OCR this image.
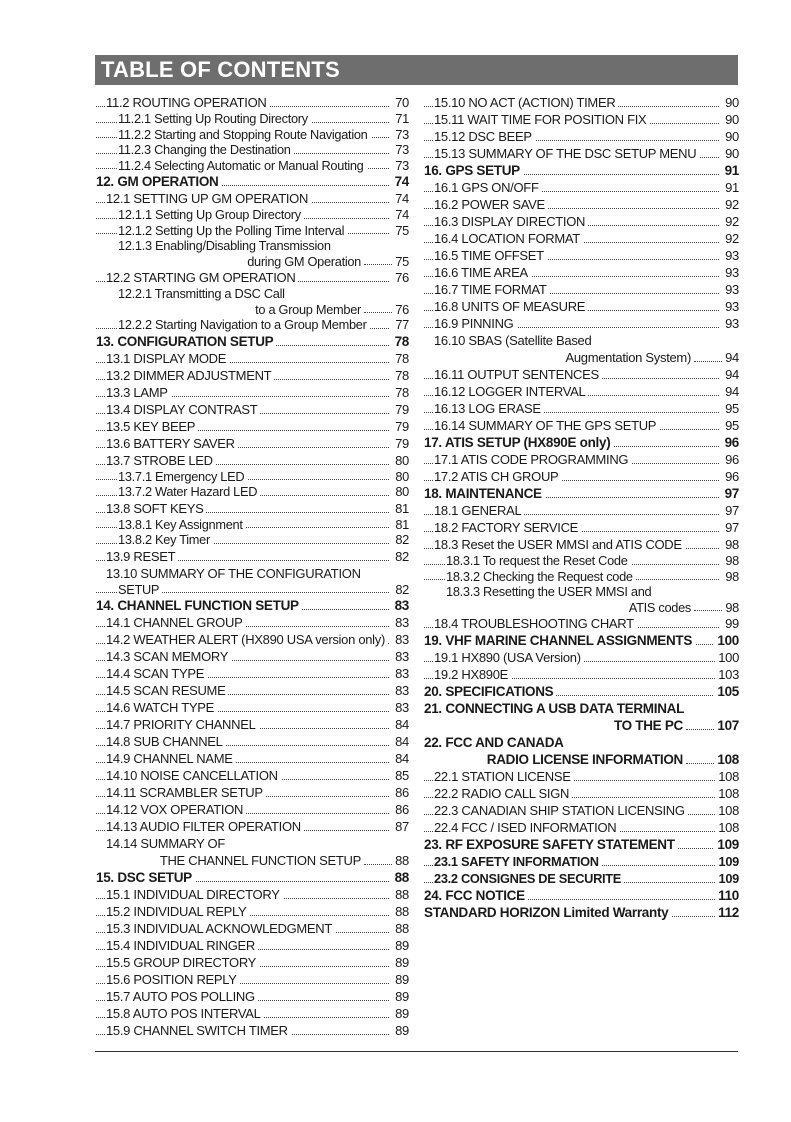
TABLE OF CONTENTS
11.2 ROUTING OPERATION	70
11.2.1 Setting Up Routing Directory	71
11.2.2 Starting and Stopping Route Navigation 73
11.2.3 Changing the Destination	73
11.2.4 Selecting Automatic or Manual Routing 73
12. GM OPERATION	74
12.1 SETTING UP GM OPERATION	74
12.1.1 Setting Up Group Directory	74
12.1.2 Setting Up the Polling Time Interval	75
12.1.3 Enabling/Disabling Transmission
during GM Operation	75
12.2 STARTING GM OPERATION	76
12.2.1 Transmitting a DSC Call
to a Group Member	76
12.2.2 Starting Navigation to a Group Member 77
13. CONFIGURATION SETUP	78
13.1 DISPLAY MODE	78
13.2 DIMMER ADJUSTMENT	78
13.3 LAMP	78
13.4 DISPLAY CONTRAST	79
13.5 KEY BEEP	79
13.6 BATTERY SAVER	79
13.7 STROBE LED	80
13.7.1 Emergency LED	80
13.7.2 Water Hazard LED	80
13.8 SOFT KEYS	81
13.8.1 Key Assignment	81
13.8.2 Key Timer	82
13.9 RESET	82
13.10 SUMMARY OF THE CONFIGURATION
SETUP	82
14. CHANNEL FUNCTION SETUP	83
14.1 CHANNEL GROUP	83
14.2 WEATHER ALERT (HX890 USA version only) 83
14.3 SCAN MEMORY	83
14.4 SCAN TYPE	83
14.5 SCAN RESUME	83
14.6 WATCH TYPE	83
14.7 PRIORITY CHANNEL	84
14.8 SUB CHANNEL	84
14.9 CHANNEL NAME	84
14.10 NOISE CANCELLATION	85
14.11 SCRAMBLER SETUP	86
14.12 VOX OPERATION	86
14.13 AUDIO FILTER OPERATION	87
14.14 SUMMARY OF
THE CHANNEL FUNCTION SETUP	88
15. DSC SETUP	88
15.1 INDIVIDUAL DIRECTORY	88
15.2 INDIVIDUAL REPLY	88
15.3 INDIVIDUAL ACKNOWLEDGMENT	88
15.4 INDIVIDUAL RINGER	89
15.5 GROUP DIRECTORY	89
15.6 POSITION REPLY	89
15.7 AUTO POS POLLING	89
15.8 AUTO POS INTERVAL	89
15.9 CHANNEL SWITCH TIMER	89
15.10 NO ACT (ACTION) TIMER	90
15.11 WAIT TIME FOR POSITION FIX	90
15.12 DSC BEEP	90
15.13 SUMMARY OF THE DSC SETUP MENU 90
16. GPS SETUP	91
16.1 GPS ON/OFF	91
16.2 POWER SAVE	92
16.3 DISPLAY DIRECTION	92
16.4 LOCATION FORMAT	92
16.5 TIME OFFSET	93
16.6 TIME AREA	93
16.7 TIME FORMAT	93
16.8 UNITS OF MEASURE	93
16.9 PINNING	93
16.10 SBAS (Satellite Based
Augmentation System)	94
16.11 OUTPUT SENTENCES	94
16.12 LOGGER INTERVAL	94
16.13 LOG ERASE	95
16.14 SUMMARY OF THE GPS SETUP	95
17. ATIS SETUP (HX890E only)	96
17.1 ATIS CODE PROGRAMMING	96
17.2 ATIS CH GROUP	96
18. MAINTENANCE	97
18.1 GENERAL	97
18.2 FACTORY SERVICE	97
18.3 Reset the USER MMSI and ATIS CODE	98
18.3.1 To request the Reset Code	98
18.3.2 Checking the Request code	98
18.3.3 Resetting the USER MMSI and
ATIS codes	98
18.4 TROUBLESHOOTING CHART	99
19. VHF MARINE CHANNEL ASSIGNMENTS 100
19.1 HX890 (USA Version)	100
19.2 HX890E	103
20. SPECIFICATIONS	105
21. CONNECTING A USB DATA TERMINAL
TO THE PC	107
22. FCC AND CANADA
RADIO LICENSE INFORMATION	108
22.1 STATION LICENSE	108
22.2 RADIO CALL SIGN	108
22.3 CANADIAN SHIP STATION LICENSING	108
22.4 FCC / ISED INFORMATION	108
23. RF EXPOSURE SAFETY STATEMENT	109
23.1 SAFETY INFORMATION	109
23.2 CONSIGNES DE SECURITE	109
24. FCC NOTICE	110
STANDARD HORIZON Limited Warranty	112
